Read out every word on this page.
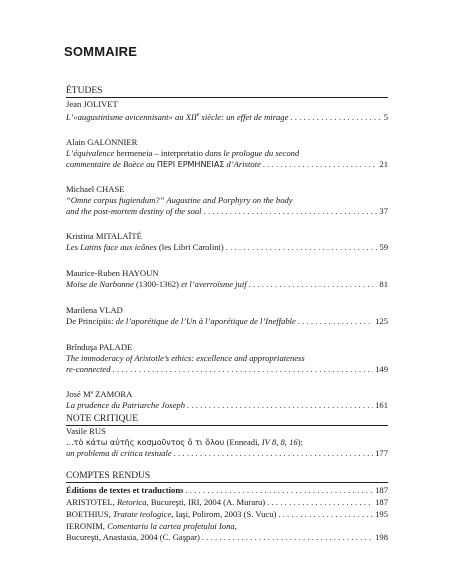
SOMMAIRE
ÉTUDES
Jean JOLIVET
L’«augustinisme avicennisant» au XIIe siècle: un effet de mirage . . .	5
Alain GALONNIER
L’équivalence hermeneia – interpretatio dans le prologue du second
commentaire de Boèce au ΠΕΡΙ ΕΡΜΗΝΕΙΑΣ d’Aristote . . .	21
Michael CHASE
“Omne corpus fugiendum?” Augustine and Porphyry on the body
and the post-mortem destiny of the soul . . .	37
Kristina MITALAÏTÉ
Les Latins face aux icônes (les Libri Carolini) . . .	59
Maurice-Ruben HAYOUN
Moïse de Narbonne (1300-1362) et l’averroïsme juif . . .	81
Marilena VLAD
De Principiis: de l’aporétique de l’Un à l’aporétique de l’Ineffable . . .	125
Brînduşa PALADE
The immoderacy of Aristotle’s ethics: excellence and appropriateness
re-connected . . .	149
José Mª ZAMORA
La prudence du Patriarche Joseph . . .	161
NOTE CRITIQUE
Vasile RUS
...τὸ κάτω αὐτῆς κοσμοῦντος ὅ τι ὅλου (Enneadi, IV 8, 8, 16):
un problema di critica testuale . . .	177
COMPTES RENDUS
Éditions de textes et traductions . . .	187
ARISTOTEL, Retorica, Bucureşti, IRI, 2004 (A. Muraru) . . .	187
BOETHIUS, Tratate teologice, Iaşi, Polirom, 2003 (S. Vucu) . . .	195
IERONIM, Comentariu la cartea profetului Iona,
Bucureşti, Anastasia, 2004 (C. Gaşpar) . . .	198
